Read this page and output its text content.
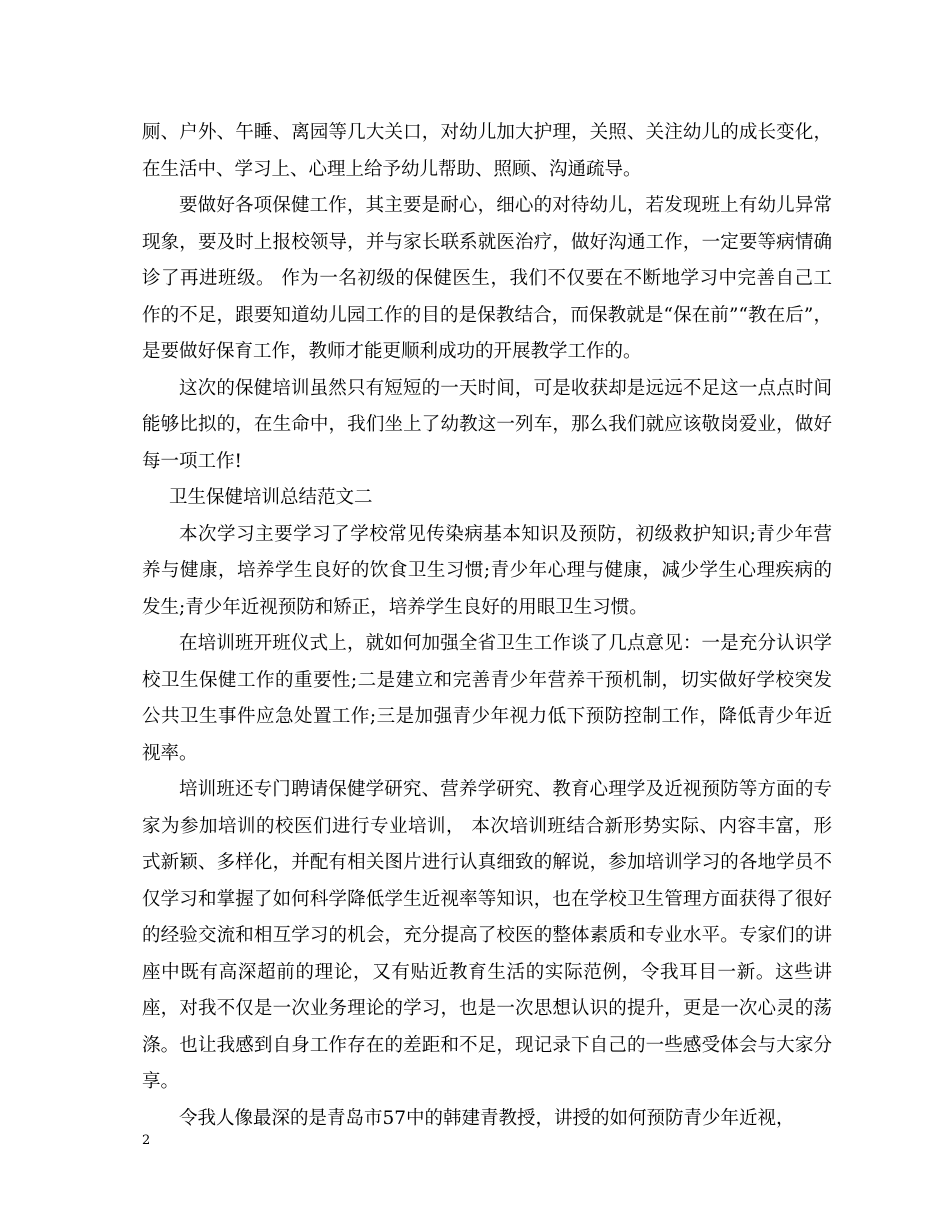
厕、户外、午睡、离园等几大关口，对幼儿加大护理，关照、关注幼儿的成长变化，在生活中、学习上、心理上给予幼儿帮助、照顾、沟通疏导。

要做好各项保健工作，其主要是耐心，细心的对待幼儿，若发现班上有幼儿异常现象，要及时上报校领导，并与家长联系就医治疗，做好沟通工作，一定要等病情确诊了再进班级。 作为一名初级的保健医生，我们不仅要在不断地学习中完善自己工作的不足，跟要知道幼儿园工作的目的是保教结合，而保教就是“保在前”“教在后”，是要做好保育工作，教师才能更顺利成功的开展教学工作的。

这次的保健培训虽然只有短短的一天时间，可是收获却是远远不足这一点点时间能够比拟的，在生命中，我们坐上了幼教这一列车，那么我们就应该敬岗爱业，做好每一项工作!

卫生保健培训总结范文二

本次学习主要学习了学校常见传染病基本知识及预防，初级救护知识;青少年营养与健康，培养学生良好的饮食卫生习惯;青少年心理与健康，减少学生心理疾病的发生;青少年近视预防和矫正，培养学生良好的用眼卫生习惯。

在培训班开班仪式上，就如何加强全省卫生工作谈了几点意见：一是充分认识学校卫生保健工作的重要性;二是建立和完善青少年营养干预机制，切实做好学校突发公共卫生事件应急处置工作;三是加强青少年视力低下预防控制工作，降低青少年近视率。

培训班还专门聘请保健学研究、营养学研究、教育心理学及近视预防等方面的专家为参加培训的校医们进行专业培训， 本次培训班结合新形势实际、内容丰富，形式新颖、多样化，并配有相关图片进行认真细致的解说，参加培训学习的各地学员不仅学习和掌握了如何科学降低学生近视率等知识，也在学校卫生管理方面获得了很好的经验交流和相互学习的机会，充分提高了校医的整体素质和专业水平。专家们的讲座中既有高深超前的理论，又有贴近教育生活的实际范例，令我耳目一新。这些讲座，对我不仅是一次业务理论的学习，也是一次思想认识的提升，更是一次心灵的荡涤。也让我感到自身工作存在的差距和不足，现记录下自己的一些感受体会与大家分享。

令我人像最深的是青岛市57中的韩建青教授，讲授的如何预防青少年近视，

2
